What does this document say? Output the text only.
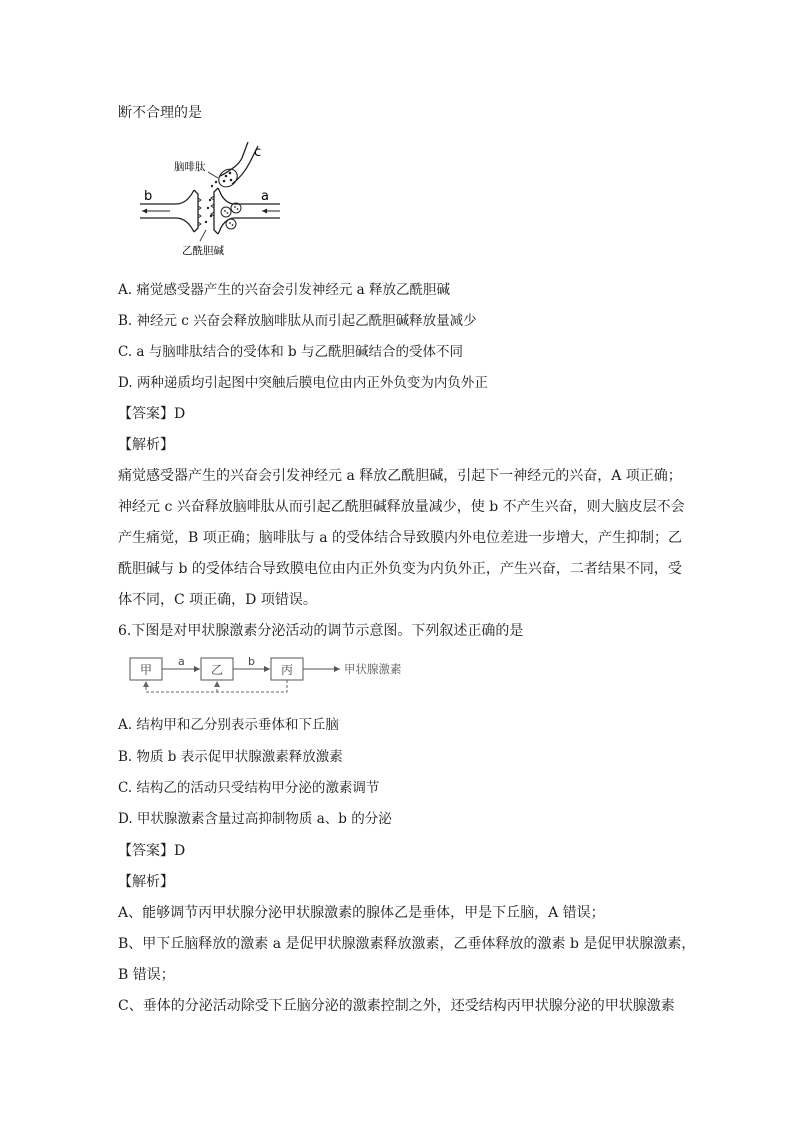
断不合理的是
c
脑啡肽
a
b
乙酰胆碱
A. 痛觉感受器产生的兴奋会引发神经元 a 释放乙酰胆碱
B. 神经元 c 兴奋会释放脑啡肽从而引起乙酰胆碱释放量减少
C. a 与脑啡肽结合的受体和 b 与乙酰胆碱结合的受体不同
D. 两种递质均引起图中突触后膜电位由内正外负变为内负外正
【答案】D
【解析】
痛觉感受器产生的兴奋会引发神经元 a 释放乙酰胆碱，引起下一神经元的兴奋，A 项正确；
神经元 c 兴奋释放脑啡肽从而引起乙酰胆碱释放量减少，使 b 不产生兴奋，则大脑皮层不会
产生痛觉，B 项正确；脑啡肽与 a 的受体结合导致膜内外电位差进一步增大，产生抑制；乙
酰胆碱与 b 的受体结合导致膜电位由内正外负变为内负外正，产生兴奋，二者结果不同，受
体不同，C 项正确，D 项错误。
6.下图是对甲状腺激素分泌活动的调节示意图。下列叙述正确的是
甲
a
乙
b
丙	甲状腺激素
A. 结构甲和乙分别表示垂体和下丘脑
B. 物质 b 表示促甲状腺激素释放激素
C. 结构乙的活动只受结构甲分泌的激素调节
D. 甲状腺激素含量过高抑制物质 a、b 的分泌
【答案】D
【解析】
A、能够调节丙甲状腺分泌甲状腺激素的腺体乙是垂体，甲是下丘脑，A 错误；
B、甲下丘脑释放的激素 a 是促甲状腺激素释放激素，乙垂体释放的激素 b 是促甲状腺激素，
B 错误；
C、垂体的分泌活动除受下丘脑分泌的激素控制之外，还受结构丙甲状腺分泌的甲状腺激素
